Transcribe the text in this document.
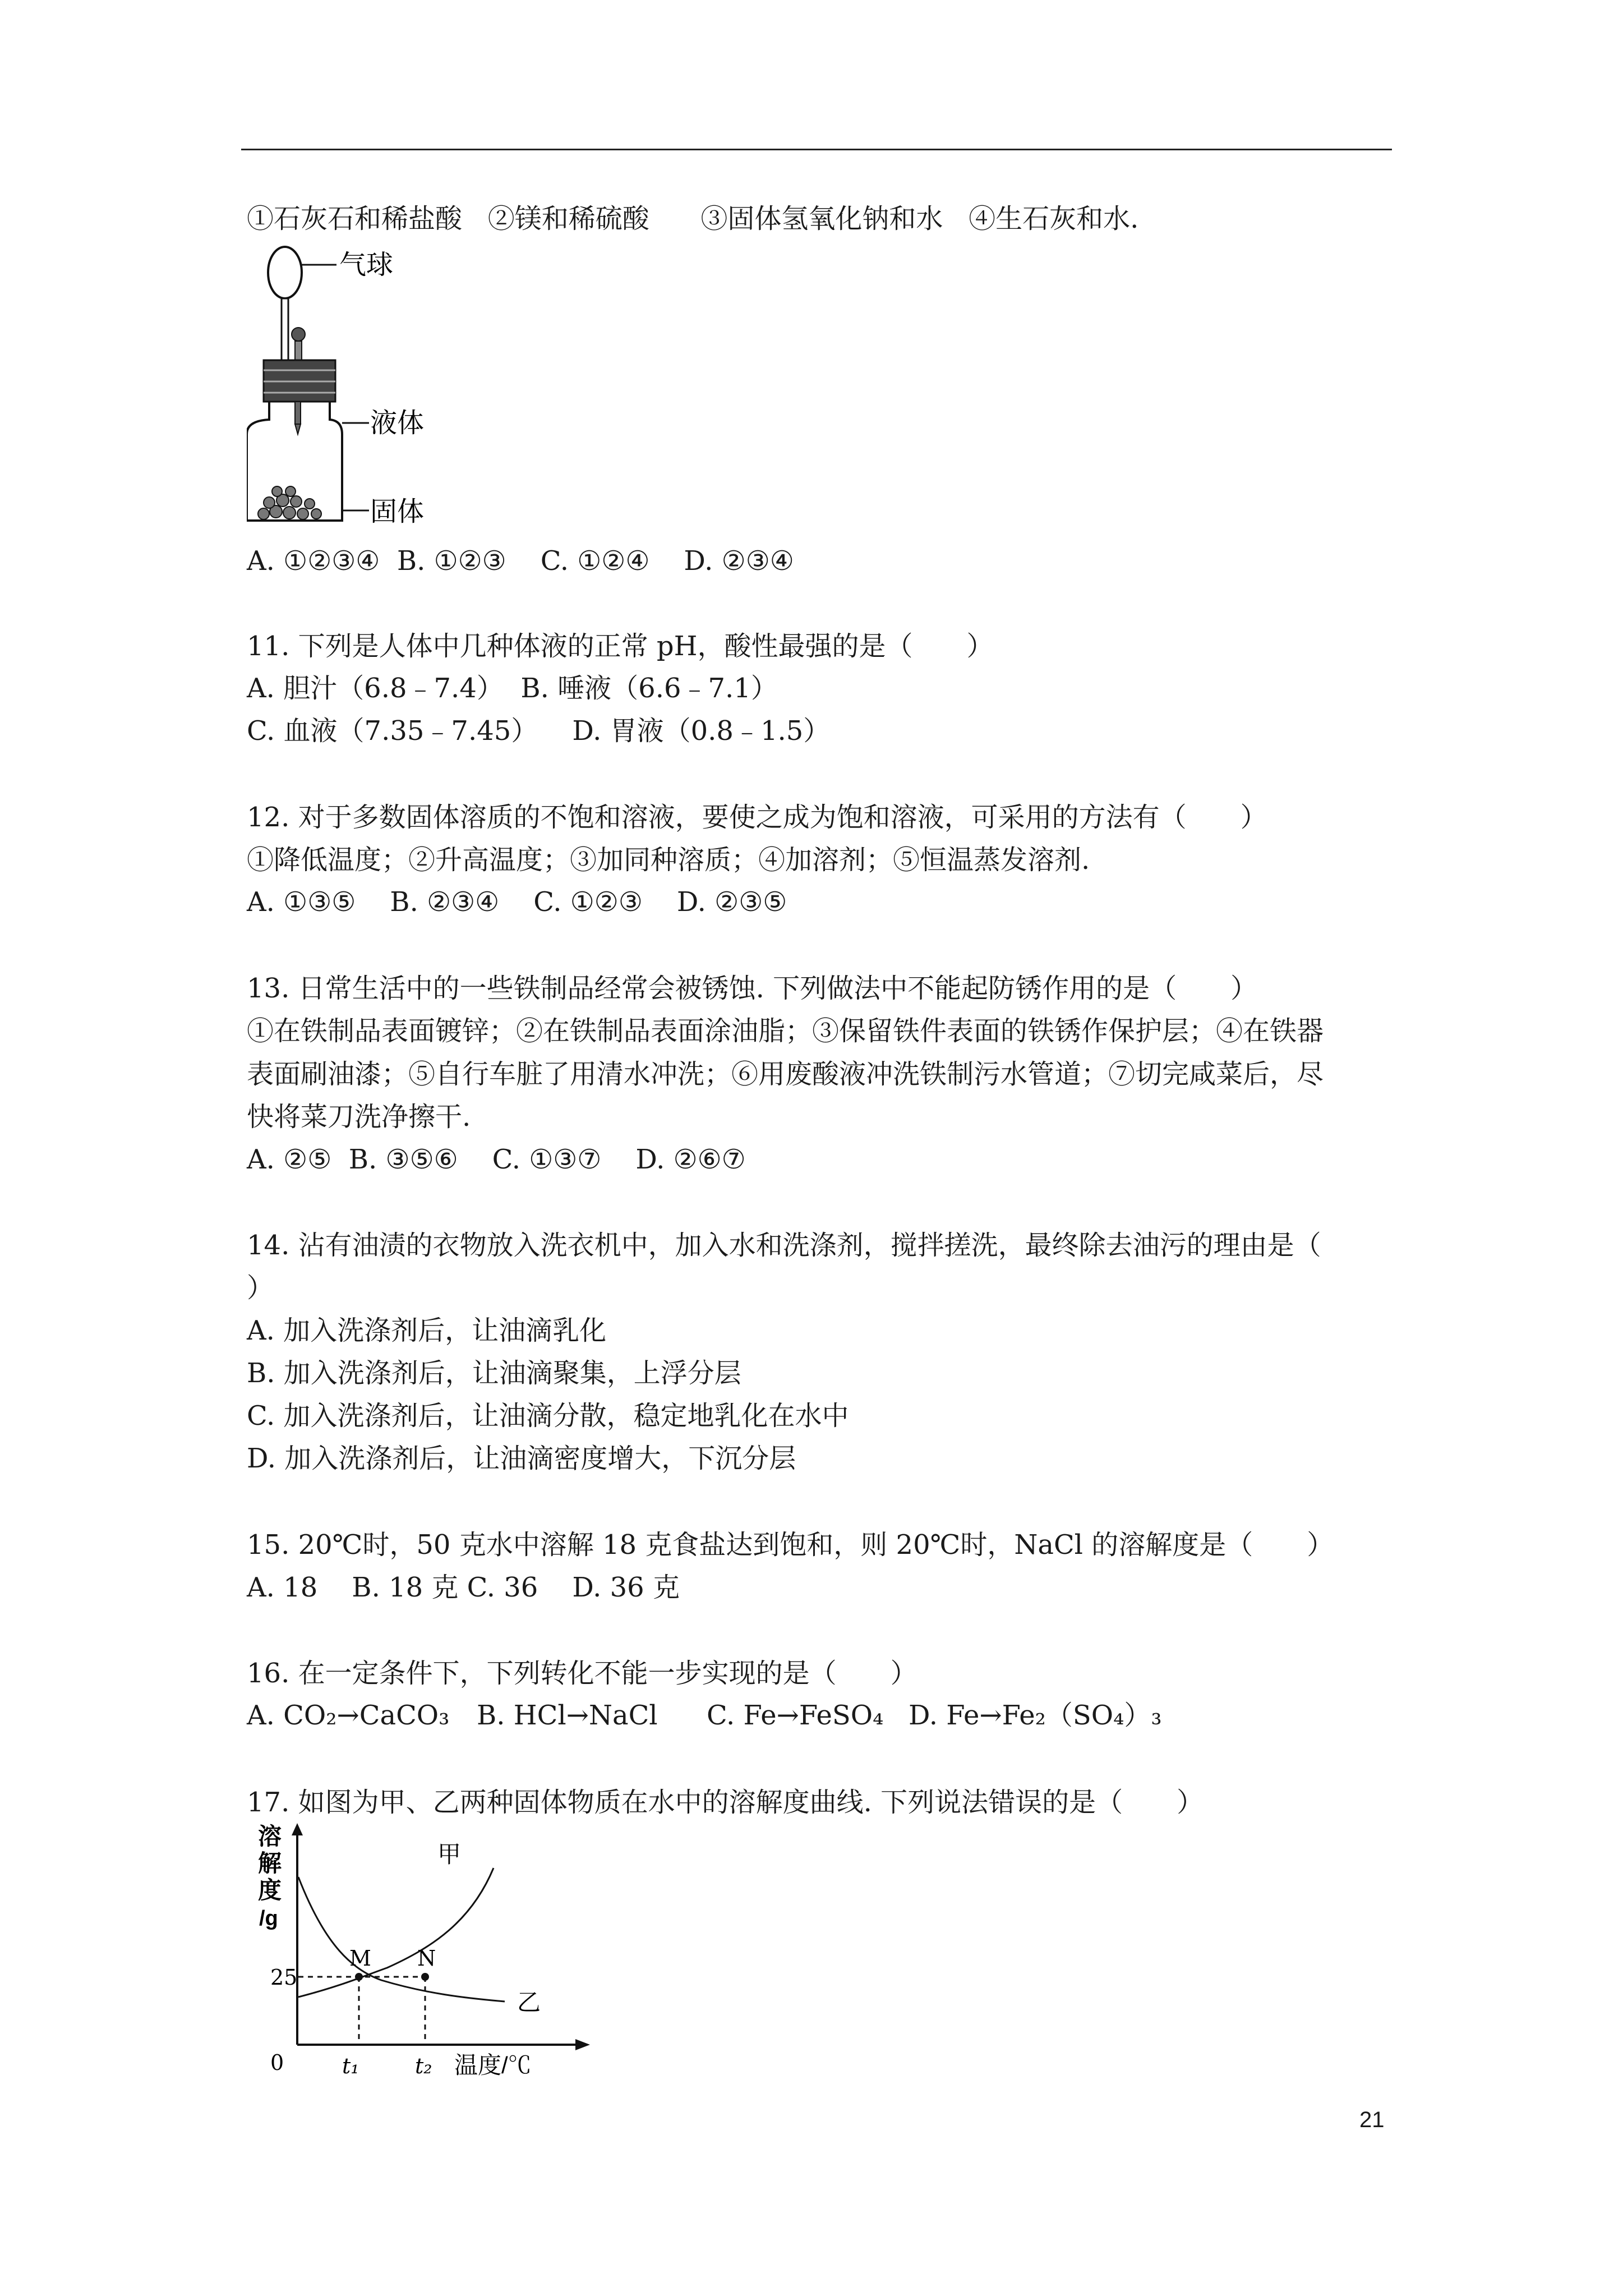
①石灰石和稀盐酸   ②镁和稀硫酸      ③固体氢氧化钠和水   ④生石灰和水.
气球
液体
固体
A. ①②③④  B. ①②③    C. ①②④    D. ②③④
11. 下列是人体中几种体液的正常 pH，酸性最强的是（　　）
A. 胆汁（6.8﹣7.4）  B. 唾液（6.6﹣7.1）
C. 血液（7.35﹣7.45）    D. 胃液（0.8﹣1.5）
12. 对于多数固体溶质的不饱和溶液，要使之成为饱和溶液，可采用的方法有（　　）
①降低温度；②升高温度；③加同种溶质；④加溶剂；⑤恒温蒸发溶剂.
A. ①③⑤    B. ②③④    C. ①②③    D. ②③⑤
13. 日常生活中的一些铁制品经常会被锈蚀. 下列做法中不能起防锈作用的是（　　）
①在铁制品表面镀锌；②在铁制品表面涂油脂；③保留铁件表面的铁锈作保护层；④在铁器
表面刷油漆；⑤自行车脏了用清水冲洗；⑥用废酸液冲洗铁制污水管道；⑦切完咸菜后，尽
快将菜刀洗净擦干.
A. ②⑤  B. ③⑤⑥    C. ①③⑦    D. ②⑥⑦
14. 沾有油渍的衣物放入洗衣机中，加入水和洗涤剂，搅拌搓洗，最终除去油污的理由是（
）
A. 加入洗涤剂后，让油滴乳化
B. 加入洗涤剂后，让油滴聚集，上浮分层
C. 加入洗涤剂后，让油滴分散，稳定地乳化在水中
D. 加入洗涤剂后，让油滴密度增大，下沉分层
15. 20℃时，50 克水中溶解 18 克食盐达到饱和，则 20℃时，NaCl 的溶解度是（　　）
A. 18    B. 18 克 C. 36    D. 36 克
16. 在一定条件下，下列转化不能一步实现的是（　　）
A. CO₂→CaCO₃ B. HCl→NaCl C. Fe→FeSO₄ D. Fe→Fe₂（SO₄）₃
17. 如图为甲、乙两种固体物质在水中的溶解度曲线. 下列说法错误的是（　　）
溶
解
度
/g
25
0	t₁	t₂ 温度/℃
甲
乙
M N
21
